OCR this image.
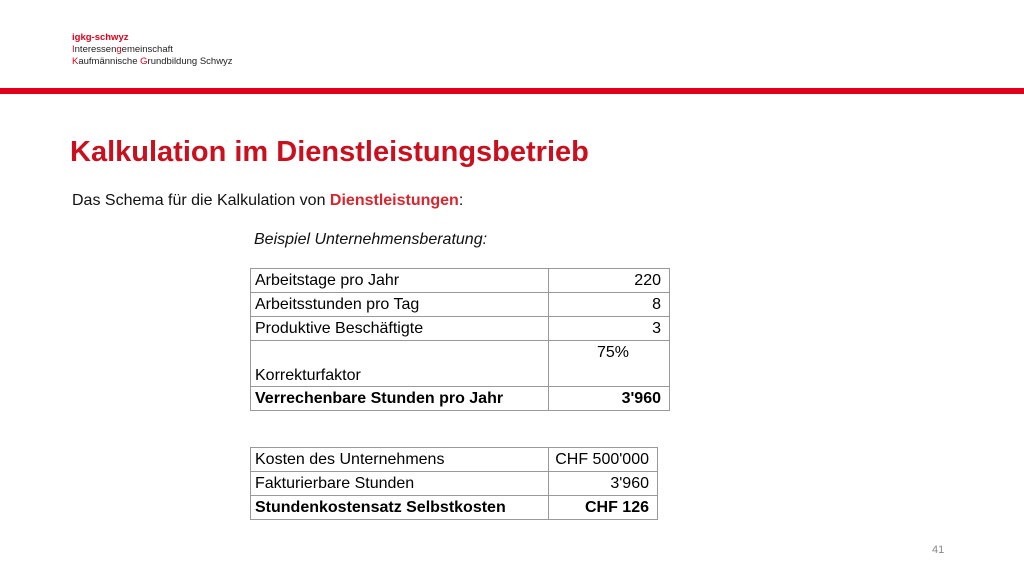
igkg-schwyz
Interessengemeinschaft
Kaufmännische Grundbildung Schwyz
Kalkulation im Dienstleistungsbetrieb
Das Schema für die Kalkulation von Dienstleistungen:
Beispiel Unternehmensberatung:
Arbeitstage pro Jahr	220
Arbeitsstunden pro Tag	8
Produktive Beschäftigte	3
Korrekturfaktor	75%
Verrechenbare Stunden pro Jahr	3'960
Kosten des Unternehmens	CHF 500'000
Fakturierbare Stunden	3'960
Stundenkostensatz Selbstkosten	CHF 126
41
